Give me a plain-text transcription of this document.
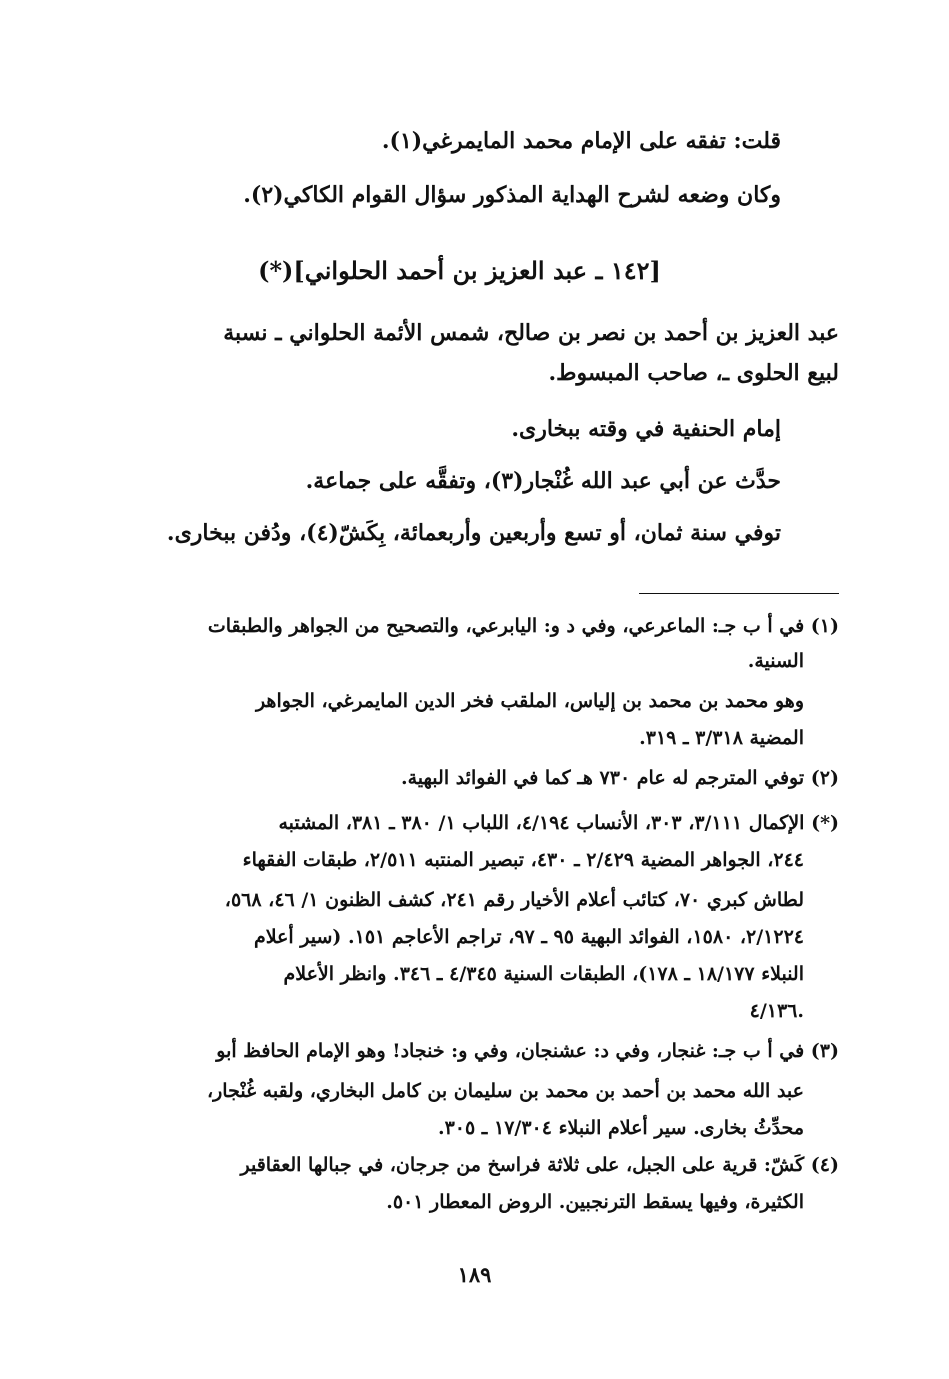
قلت: تفقه على الإمام محمد المايمرغي(١).
وكان وضعه لشرح الهداية المذكور سؤال القوام الكاكي(٢).
[١٤٢ ـ عبد العزيز بن أحمد الحلواني](*)
عبد العزيز بن أحمد بن نصر بن صالح، شمس الأئمة الحلواني ـ نسبة
لبيع الحلوى ـ، صاحب المبسوط.
إمام الحنفية في وقته ببخارى.
حدَّث عن أبي عبد الله غُنْجار(٣)، وتفقَّه على جماعة.
توفي سنة ثمان، أو تسع وأربعين وأربعمائة، بِكَشّ(٤)، ودُفن ببخارى.
(١) في أ ب جـ: الماعرعي، وفي د و: اليابرعي، والتصحيح من الجواهر والطبقات
السنية.
وهو محمد بن محمد بن إلياس، الملقب فخر الدين المايمرغي، الجواهر
المضية ٣/٣١٨ ـ ٣١٩.
(٢) توفي المترجم له عام ٧٣٠ هـ كما في الفوائد البهية.
(*) الإكمال ٣/١١١، ٣٠٣، الأنساب ٤/١٩٤، اللباب ١/ ٣٨٠ ـ ٣٨١، المشتبه
٢٤٤، الجواهر المضية ٢/٤٢٩ ـ ٤٣٠، تبصير المنتبه ٢/٥١١، طبقات الفقهاء
لطاش كبري ٧٠، كتائب أعلام الأخيار رقم ٢٤١، كشف الظنون ١/ ٤٦، ٥٦٨،
٢/١٢٢٤، ١٥٨٠، الفوائد البهية ٩٥ ـ ٩٧، تراجم الأعاجم ١٥١. (سير أعلام
النبلاء ١٨/١٧٧ ـ ١٧٨)، الطبقات السنية ٤/٣٤٥ ـ ٣٤٦. وانظر الأعلام
٤/١٣٦.
(٣) في أ ب جـ: غنجار، وفي د: عشنجان، وفي و: خنجاد! وهو الإمام الحافظ أبو
عبد الله محمد بن أحمد بن محمد بن سليمان بن كامل البخاري، ولقبه غُنْجار،
محدِّثُ بخارى. سير أعلام النبلاء ١٧/٣٠٤ ـ ٣٠٥.
(٤) كَشّ: قرية على الجبل، على ثلاثة فراسخ من جرجان، في جبالها العقاقير
الكثيرة، وفيها يسقط الترنجبين. الروض المعطار ٥٠١.
١٨٩
